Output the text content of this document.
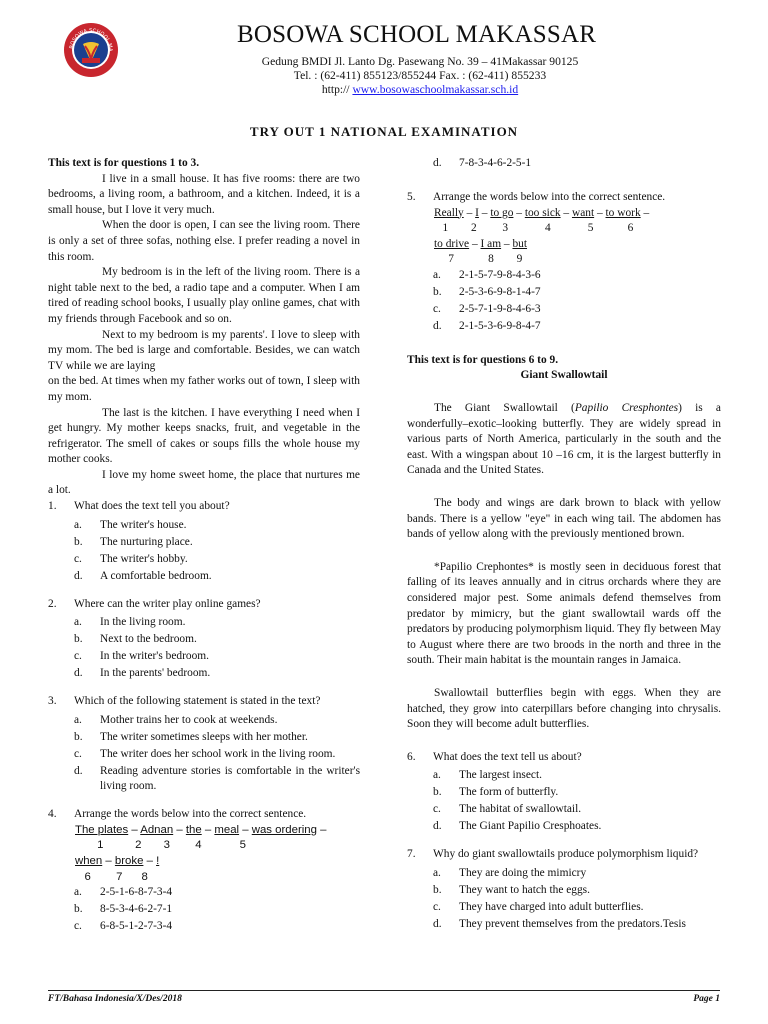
BOSOWA SCHOOL MA
BOSOWA SCHOOL MAKASSAR
Gedung BMDI Jl. Lanto Dg. Pasewang No. 39 – 41Makassar 90125
Tel. : (62-411) 855123/855244 Fax. : (62-411) 855233
http:// www.bosowaschoolmakassar.sch.id
TRY OUT 1 NATIONAL EXAMINATION

This text is for questions 1 to 3.

I live in a small house. It has five rooms: there are two bedrooms, a living room, a bathroom, and a kitchen. Indeed, it is a small house, but I love it very much.

When the door is open, I can see the living room. There is only a set of three sofas, nothing else. I prefer reading a novel in this room.

My bedroom is in the left of the living room. There is a night table next to the bed, a radio tape and a computer. When I am tired of reading school books, I usually play online games, chat with my friends through Facebook and so on.

Next to my bedroom is my parents'. I love to sleep with my mom. The bed is large and comfortable. Besides, we can watch TV while we are laying

on the bed. At times when my father works out of town, I sleep with my mom.

The last is the kitchen. I have everything I need when I get hungry. My mother keeps snacks, fruit, and vegetable in the refrigerator. The smell of cakes or soups fills the whole house my mother cooks.

I love my home sweet home, the place that nurtures me a lot.

1.	What does the text tell you about?
a.	The writer's house.
b.	The nurturing place.
c.	The writer's hobby.
d.	A comfortable bedroom.
2.	Where can the writer play online games?
a.	In the living room.
b.	Next to the bedroom.
c.	In the writer's bedroom.
d.	In the parents' bedroom.
3.	Which of the following statement is stated in the text?
a.	Mother trains her to cook at weekends.
b.	The writer sometimes sleeps with her mother.
c.	The writer does her school work in the living room.
d.	Reading adventure stories is comfortable in the writer's living room.
4.	Arrange the words below into the correct sentence.
The plates – Adnan – the – meal – was ordering –
1          2       3        4            5
when – broke – !
6        7      8
a.	2-5-1-6-8-7-3-4
b.	8-5-3-4-6-2-7-1
c.	6-8-5-1-2-7-3-4
d.	7-8-3-4-6-2-5-1
5.	Arrange the words below into the correct sentence.
Really – I – to go – too sick – want – to work –
1        2         3             4             5            6
to drive – I am – but
7            8        9
a.	2-1-5-7-9-8-4-3-6
b.	2-5-3-6-9-8-1-4-7
c.	2-5-7-1-9-8-4-6-3
d.	2-1-5-3-6-9-8-4-7

This text is for questions 6 to 9.

Giant Swallowtail

The Giant Swallowtail (Papilio Cresphontes) is a wonderfully–exotic–looking butterfly. They are widely spread in various parts of North America, particularly in the south and the east. With a wingspan about 10 –16 cm, it is the largest butterfly in Canada and the United States.

The body and wings are dark brown to black with yellow bands. There is a yellow "eye" in each wing tail. The abdomen has bands of yellow along with the previously mentioned brown.

*Papilio Crephontes* is mostly seen in deciduous forest that falling of its leaves annually and in citrus orchards where they are considered major pest. Some animals defend themselves from predator by mimicry, but the giant swallowtail wards off the predators by producing polymorphism liquid. They fly between May to August where there are two broods in the north and three in the south. Their main habitat is the mountain ranges in Jamaica.

Swallowtail butterflies begin with eggs. When they are hatched, they grow into caterpillars before changing into chrysalis. Soon they will become adult butterflies.

6.	What does the text tell us about?
a.	The largest insect.
b.	The form of butterfly.
c.	The habitat of swallowtail.
d.	The Giant Papilio Cresphoates.
7.	Why do giant swallowtails produce polymorphism liquid?
a.	They are doing the mimicry
b.	They want to hatch the eggs.
c.	They have charged into adult butterflies.
d.	They prevent themselves from the predators.Tesis
FT/Bahasa Indonesia/X/Des/2018	Page 1
